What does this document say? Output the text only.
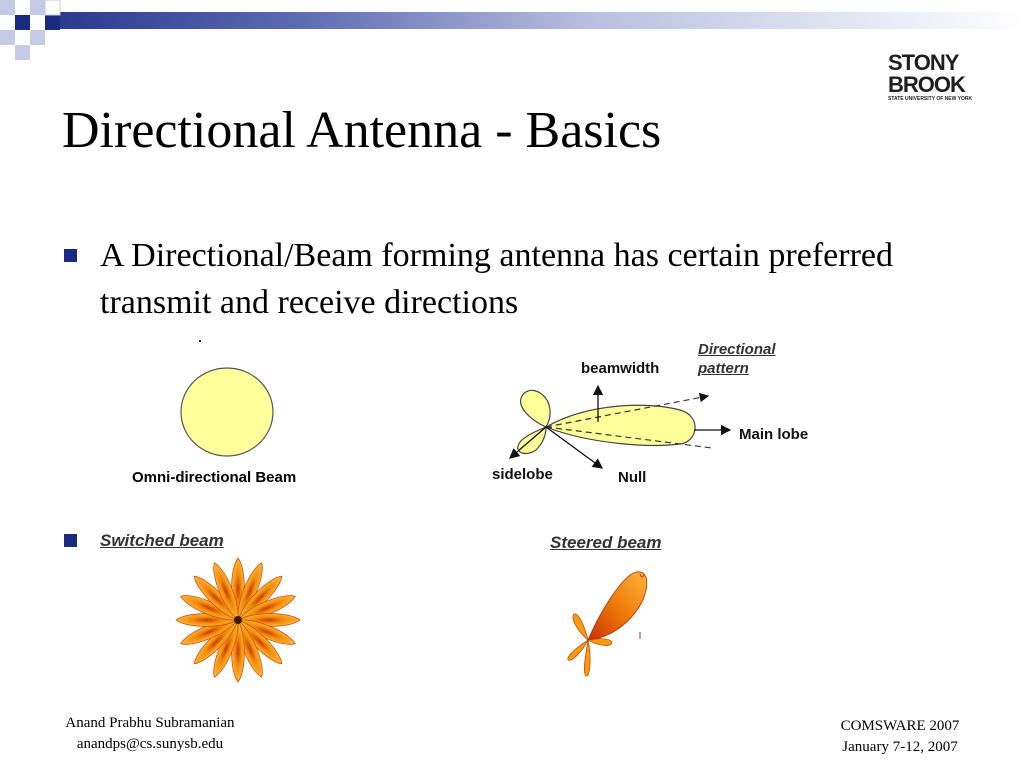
STONY
BROOK
STATE UNIVERSITY OF NEW YORK
Directional Antenna - Basics
A Directional/Beam forming antenna has certain preferred transmit and receive directions
Omni-directional Beam
beamwidth
Main lobe
sidelobe	Null
Directional
pattern
Switched beam	Steered beam
Anand Prabhu Subramanian
anandps@cs.sunysb.edu
COMSWARE 2007
January 7-12, 2007
